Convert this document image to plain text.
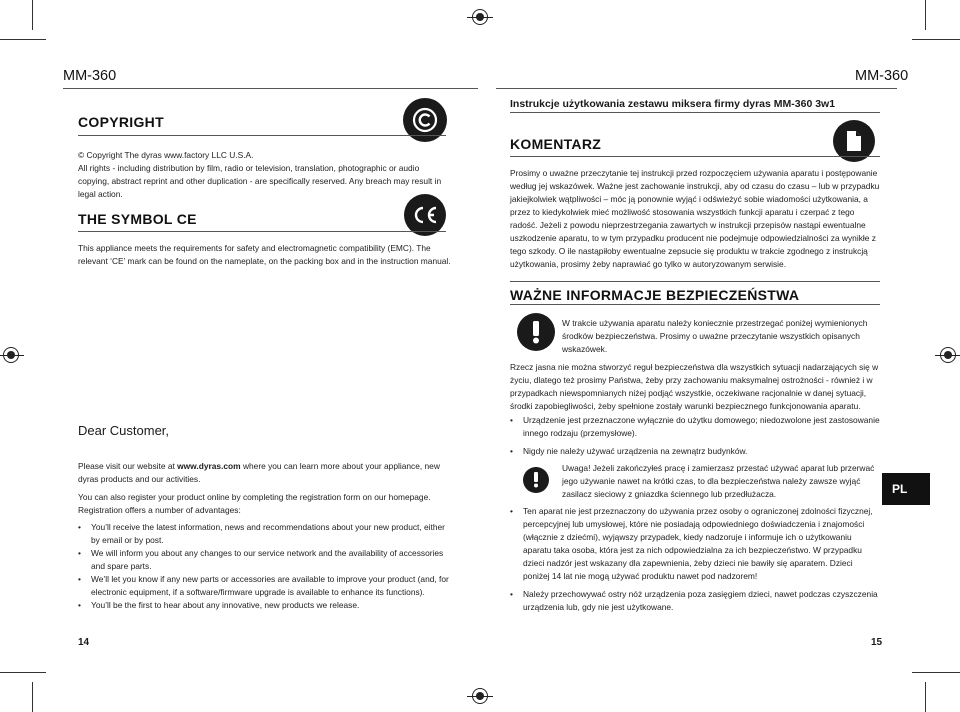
MM-360
COPYRIGHT
© Copyright The dyras www.factory LLC U.S.A.
All rights - including distribution by film, radio or television, translation, photographic or audio copying, abstract reprint and other duplication - are specifically reserved. Any breach may result in legal action.
THE SYMBOL CE
This appliance meets the requirements for safety and electromagnetic compatibility (EMC). The relevant ‘CE’ mark can be found on the nameplate, on the packing box and in the instruction manual.
Dear Customer,
Please visit our website at www.dyras.com where you can learn more about your appliance, new dyras products and our activities.
You can also register your product online by completing the registration form on our homepage. Registration offers a number of advantages:
• You’ll receive the latest information, news and recommendations about your new product, either by email or by post.
• We will inform you about any changes to our service network and the availability of accessories and spare parts.
• We’ll let you know if any new parts or accessories are available to improve your product (and, for electronic equipment, if a software/firmware upgrade is available to enhance its functions).
• You’ll be the first to hear about any innovative, new products we release.
14
MM-360
Instrukcje użytkowania zestawu miksera firmy dyras MM-360 3w1
KOMENTARZ
Prosimy o uważne przeczytanie tej instrukcji przed rozpoczęciem używania aparatu i postępowanie według jej wskazówek. Ważne jest zachowanie instrukcji, aby od czasu do czasu – lub w przypadku jakiejkolwiek wątpliwości – móc ją ponownie wyjąć i odświeżyć sobie wiadomości użytkowania, a przez to kiedykolwiek mieć możliwość stosowania wszystkich funkcji aparatu i czerpać z tego radość. Jeżeli z powodu nieprzestrzegania zawartych w instrukcji przepisów nastąpi ewentualne uszkodzenie aparatu, to w tym przypadku producent nie podejmuje odpowiedzialności za wynikłe z tego szkody. O ile nastąpiłoby ewentualne zepsucie się produktu w trakcie zgodnego z instrukcją użytkowania, prosimy żeby naprawiać go tylko w autoryzowanym serwisie.
WAŻNE INFORMACJE BEZPIECZEŃSTWA
W trakcie używania aparatu należy koniecznie przestrzegać poniżej wymienionych środków bezpieczeństwa. Prosimy o uważne przeczytanie wszystkich opisanych wskazówek.
Rzecz jasna nie można stworzyć reguł bezpieczeństwa dla wszystkich sytuacji nadarzających się w życiu, dlatego też prosimy Państwa, żeby przy zachowaniu maksymalnej ostrożności - również i w przypadkach niewspomnianych niżej podjąć wszystkie, oczekiwane racjonalnie w danej sytuacji, środki zapobiegliwości, żeby spełnione zostały warunki bezpiecznego funkcjonowania aparatu.
• Urządzenie jest przeznaczone wyłącznie do użytku domowego; niedozwolone jest zastosowanie innego rodzaju (przemysłowe).
• Nigdy nie należy używać urządzenia na zewnątrz budynków.
Uwaga! Jeżeli zakończyłeś pracę i zamierzasz przestać używać aparat lub przerwać jego używanie nawet na krótki czas, to dla bezpieczeństwa należy zawsze wyjąć zasilacz sieciowy z gniazdka ściennego lub przedłużacza.
• Ten aparat nie jest przeznaczony do używania przez osoby o ograniczonej zdolności fizycznej, percepcyjnej lub umysłowej, które nie posiadają odpowiedniego doświadczenia i znajomości (włącznie z dziećmi), wyjąwszy przypadek, kiedy nadzoruje i informuje ich o użytkowaniu aparatu taka osoba, która jest za nich odpowiedzialna za ich bezpieczeństwo. W przypadku dzieci nadzór jest wskazany dla zapewnienia, żeby dzieci nie bawiły się aparatem. Dzieci poniżej 14 lat nie mogą używać produktu nawet pod nadzorem!
• Należy przechowywać ostry nóż urządzenia poza zasięgiem dzieci, nawet podczas czyszczenia urządzenia lub, gdy nie jest użytkowane.
PL
15
